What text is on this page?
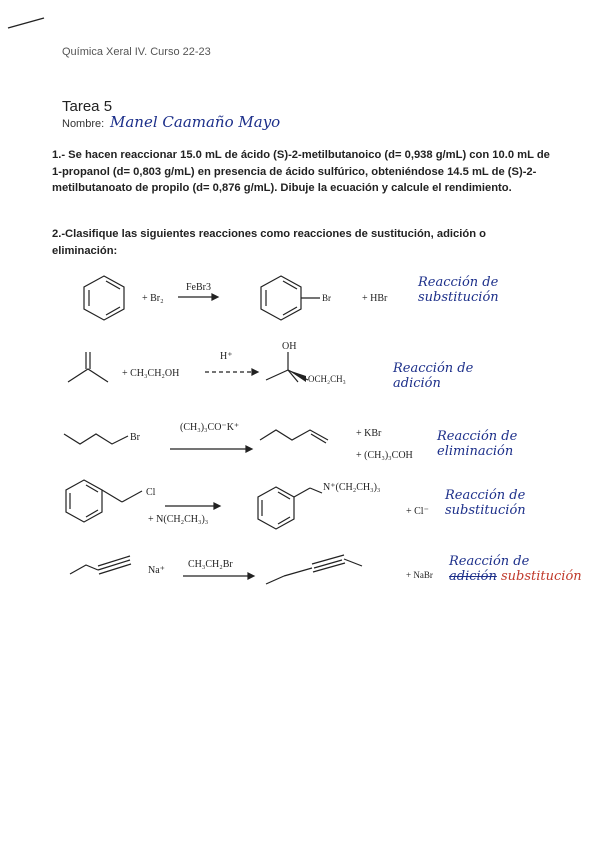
Química Xeral IV. Curso 22-23
Tarea 5
Nombre: Manel Caamaño Mayo
1.- Se hacen reaccionar 15.0 mL de ácido (S)-2-metilbutanoico (d= 0,938 g/mL) con 10.0 mL de 1-propanol (d= 0,803 g/mL) en presencia de ácido sulfúrico, obteniéndose 14.5 mL de (S)-2-metilbutanoato de propilo (d= 0,876 g/mL). Dibuje la ecuación y calcule el rendimiento.
2.-Clasifique las siguientes reacciones como reacciones de sustitución, adición o eliminación:
+ Br₂
FeBr3
Br	+ HBr
+ CH₃CH₂OH
H⁺
OH
OCH₂CH₃
Br
(CH₃)₃CO⁻K⁺
+ KBr
+ (CH₃)₃COH
Cl
+ N(CH₂CH₃)₃
N⁺(CH₂CH₃)₃
+ Cl⁻
Na⁺
CH₃CH₂Br
+ NaBr
Reacción de
substitución
Reacción de
adición
Reacción de
eliminación
Reacción de
substitución
Reacción de
adición substitución
